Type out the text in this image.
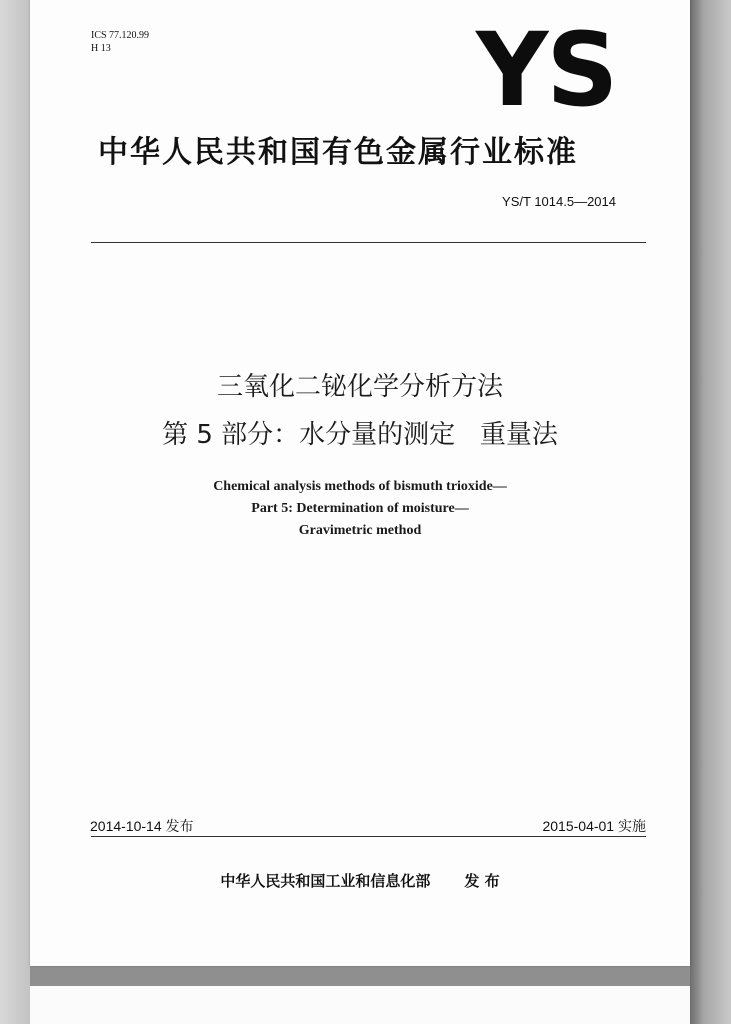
ICS 77.120.99
H 13	YS
中华人民共和国有色金属行业标准
YS/T 1014.5—2014
三氧化二铋化学分析方法
第 5 部分：水分量的测定   重量法
Chemical analysis methods of bismuth trioxide—
Part 5: Determination of moisture—
Gravimetric method
2014-10-14 发布	2015-04-01 实施
中华人民共和国工业和信息化部 发 布
